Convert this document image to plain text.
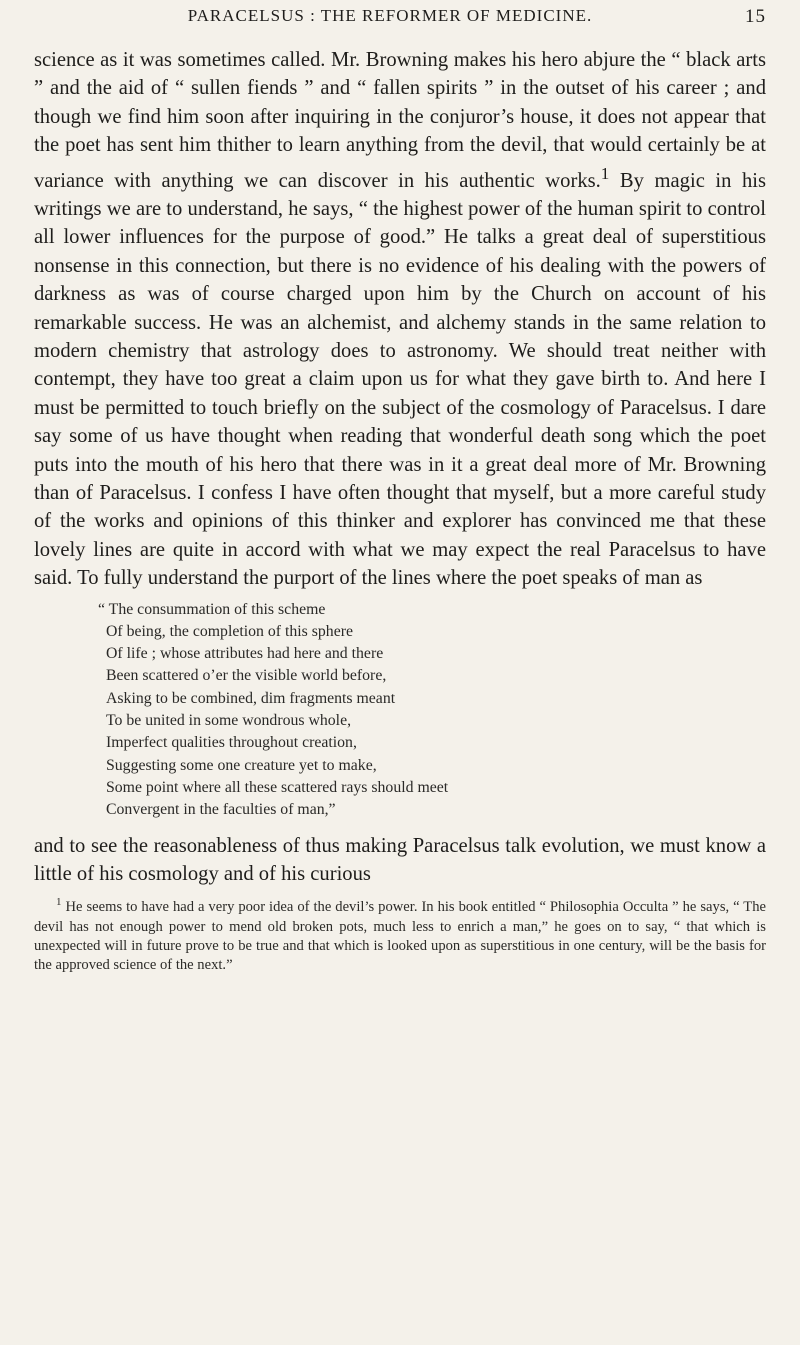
PARACELSUS : THE REFORMER OF MEDICINE.	15

science as it was sometimes called. Mr. Browning makes his hero abjure the “ black arts ” and the aid of “ sullen fiends ” and “ fallen spirits ” in the outset of his career ; and though we find him soon after inquiring in the conjuror’s house, it does not appear that the poet has sent him thither to learn anything from the devil, that would certainly be at variance with anything we can discover in his authentic works.$^1$ By magic in his writings we are to understand, he says, “ the highest power of the human spirit to control all lower influences for the purpose of good.” He talks a great deal of superstitious nonsense in this connection, but there is no evidence of his dealing with the powers of darkness as was of course charged upon him by the Church on account of his remarkable success. He was an alchemist, and alchemy stands in the same relation to modern chemistry that astrology does to astronomy. We should treat neither with contempt, they have too great a claim upon us for what they gave birth to. And here I must be permitted to touch briefly on the subject of the cosmology of Paracelsus. I dare say some of us have thought when reading that wonderful death song which the poet puts into the mouth of his hero that there was in it a great deal more of Mr. Browning than of Paracelsus. I confess I have often thought that myself, but a more careful study of the works and opinions of this thinker and explorer has convinced me that these lovely lines are quite in accord with what we may expect the real Paracelsus to have said. To fully understand the purport of the lines where the poet speaks of man as

“ The consummation of this scheme
Of being, the completion of this sphere
Of life ; whose attributes had here and there
Been scattered o’er the visible world before,
Asking to be combined, dim fragments meant
To be united in some wondrous whole,
Imperfect qualities throughout creation,
Suggesting some one creature yet to make,
Some point where all these scattered rays should meet
Convergent in the faculties of man,”

and to see the reasonableness of thus making Paracelsus talk evolution, we must know a little of his cosmology and of his curious

$^1$ He seems to have had a very poor idea of the devil’s power. In his book entitled “ Philosophia Occulta ” he says, “ The devil has not enough power to mend old broken pots, much less to enrich a man,” he goes on to say, “ that which is unexpected will in future prove to be true and that which is looked upon as superstitious in one century, will be the basis for the approved science of the next.”
